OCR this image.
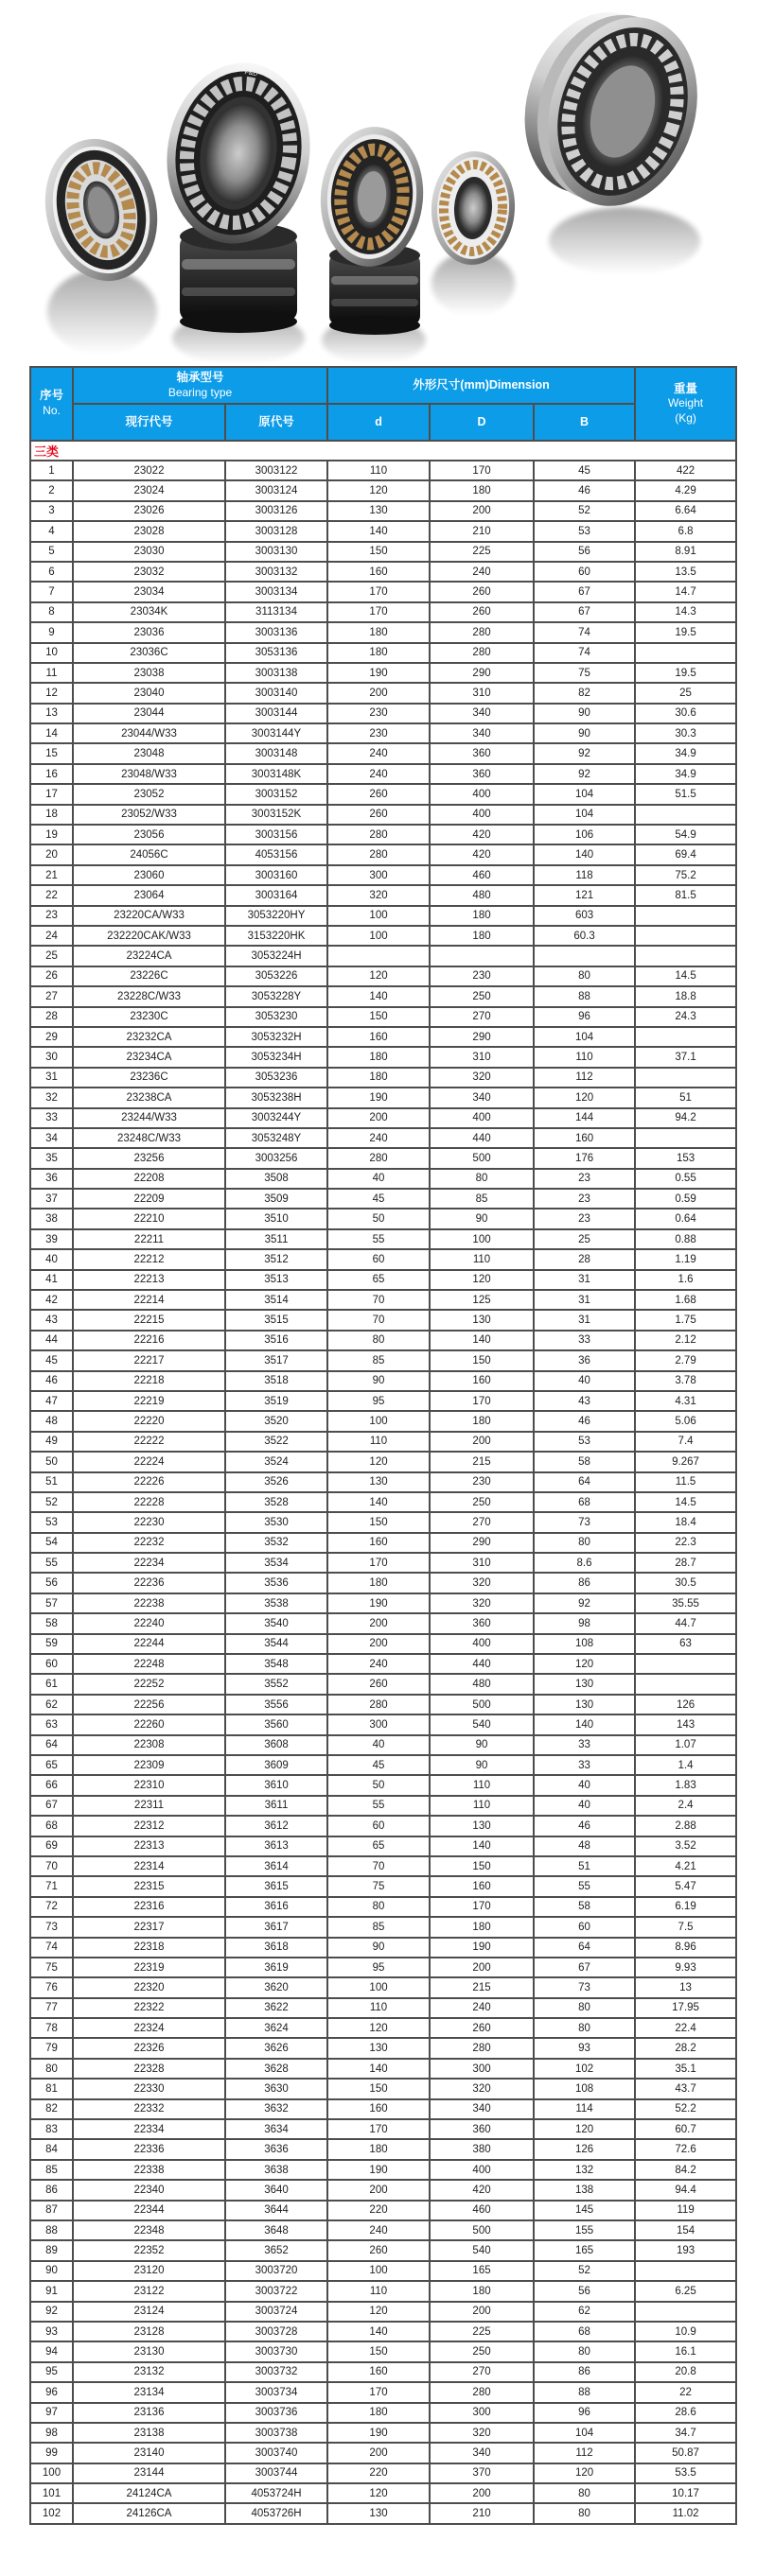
F&D
序号
No.	轴承型号
Bearing type		外形尺寸(mm)Dimension			重量
Weight
(Kg)
	现行代号	原代号	d	D	B	
三类						
1	23022	3003122	110	170	45	422
2	23024	3003124	120	180	46	4.29
3	23026	3003126	130	200	52	6.64
4	23028	3003128	140	210	53	6.8
5	23030	3003130	150	225	56	8.91
6	23032	3003132	160	240	60	13.5
7	23034	3003134	170	260	67	14.7
8	23034K	3113134	170	260	67	14.3
9	23036	3003136	180	280	74	19.5
10	23036C	3053136	180	280	74	
11	23038	3003138	190	290	75	19.5
12	23040	3003140	200	310	82	25
13	23044	3003144	230	340	90	30.6
14	23044/W33	3003144Y	230	340	90	30.3
15	23048	3003148	240	360	92	34.9
16	23048/W33	3003148K	240	360	92	34.9
17	23052	3003152	260	400	104	51.5
18	23052/W33	3003152K	260	400	104	
19	23056	3003156	280	420	106	54.9
20	24056C	4053156	280	420	140	69.4
21	23060	3003160	300	460	118	75.2
22	23064	3003164	320	480	121	81.5
23	23220CA/W33	3053220HY	100	180	603	
24	232220CAK/W33	3153220HK	100	180	60.3	
25	23224CA	3053224H				
26	23226C	3053226	120	230	80	14.5
27	23228C/W33	3053228Y	140	250	88	18.8
28	23230C	3053230	150	270	96	24.3
29	23232CA	3053232H	160	290	104	
30	23234CA	3053234H	180	310	110	37.1
31	23236C	3053236	180	320	112	
32	23238CA	3053238H	190	340	120	51
33	23244/W33	3003244Y	200	400	144	94.2
34	23248C/W33	3053248Y	240	440	160	
35	23256	3003256	280	500	176	153
36	22208	3508	40	80	23	0.55
37	22209	3509	45	85	23	0.59
38	22210	3510	50	90	23	0.64
39	22211	3511	55	100	25	0.88
40	22212	3512	60	110	28	1.19
41	22213	3513	65	120	31	1.6
42	22214	3514	70	125	31	1.68
43	22215	3515	70	130	31	1.75
44	22216	3516	80	140	33	2.12
45	22217	3517	85	150	36	2.79
46	22218	3518	90	160	40	3.78
47	22219	3519	95	170	43	4.31
48	22220	3520	100	180	46	5.06
49	22222	3522	110	200	53	7.4
50	22224	3524	120	215	58	9.267
51	22226	3526	130	230	64	11.5
52	22228	3528	140	250	68	14.5
53	22230	3530	150	270	73	18.4
54	22232	3532	160	290	80	22.3
55	22234	3534	170	310	8.6	28.7
56	22236	3536	180	320	86	30.5
57	22238	3538	190	320	92	35.55
58	22240	3540	200	360	98	44.7
59	22244	3544	200	400	108	63
60	22248	3548	240	440	120	
61	22252	3552	260	480	130	
62	22256	3556	280	500	130	126
63	22260	3560	300	540	140	143
64	22308	3608	40	90	33	1.07
65	22309	3609	45	90	33	1.4
66	22310	3610	50	110	40	1.83
67	22311	3611	55	110	40	2.4
68	22312	3612	60	130	46	2.88
69	22313	3613	65	140	48	3.52
70	22314	3614	70	150	51	4.21
71	22315	3615	75	160	55	5.47
72	22316	3616	80	170	58	6.19
73	22317	3617	85	180	60	7.5
74	22318	3618	90	190	64	8.96
75	22319	3619	95	200	67	9.93
76	22320	3620	100	215	73	13
77	22322	3622	110	240	80	17.95
78	22324	3624	120	260	80	22.4
79	22326	3626	130	280	93	28.2
80	22328	3628	140	300	102	35.1
81	22330	3630	150	320	108	43.7
82	22332	3632	160	340	114	52.2
83	22334	3634	170	360	120	60.7
84	22336	3636	180	380	126	72.6
85	22338	3638	190	400	132	84.2
86	22340	3640	200	420	138	94.4
87	22344	3644	220	460	145	119
88	22348	3648	240	500	155	154
89	22352	3652	260	540	165	193
90	23120	3003720	100	165	52	
91	23122	3003722	110	180	56	6.25
92	23124	3003724	120	200	62	
93	23128	3003728	140	225	68	10.9
94	23130	3003730	150	250	80	16.1
95	23132	3003732	160	270	86	20.8
96	23134	3003734	170	280	88	22
97	23136	3003736	180	300	96	28.6
98	23138	3003738	190	320	104	34.7
99	23140	3003740	200	340	112	50.87
100	23144	3003744	220	370	120	53.5
101	24124CA	4053724H	120	200	80	10.17
102	24126CA	4053726H	130	210	80	11.02
